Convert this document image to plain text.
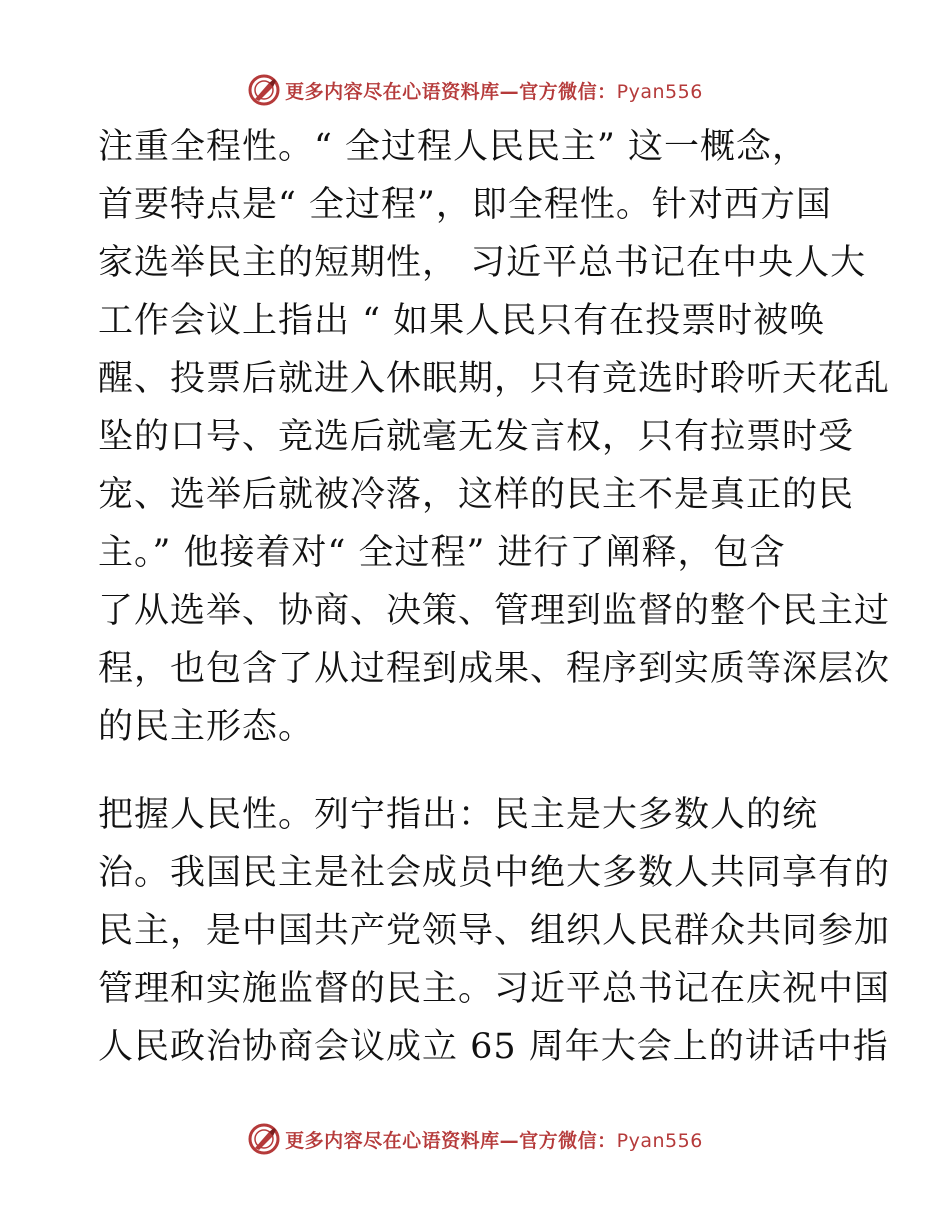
更多内容尽在心语资料库—官方微信：Pyan556

注重全程性。“ 全过程人民民主” 这一概念，
首要特点是“ 全过程”，即全程性。针对西方国
家选举民主的短期性， 习近平总书记在中央人大
工作会议上指出 “ 如果人民只有在投票时被唤
醒、投票后就进入休眠期，只有竞选时聆听天花乱
坠的口号、竞选后就毫无发言权，只有拉票时受
宠、选举后就被冷落，这样的民主不是真正的民
主。” 他接着对“ 全过程” 进行了阐释，包含
了从选举、协商、决策、管理到监督的整个民主过
程，也包含了从过程到成果、程序到实质等深层次
的民主形态。

把握人民性。列宁指出：民主是大多数人的统
治。我国民主是社会成员中绝大多数人共同享有的
民主，是中国共产党领导、组织人民群众共同参加
管理和实施监督的民主。习近平总书记在庆祝中国
人民政治协商会议成立 65 周年大会上的讲话中指

更多内容尽在心语资料库—官方微信：Pyan556
